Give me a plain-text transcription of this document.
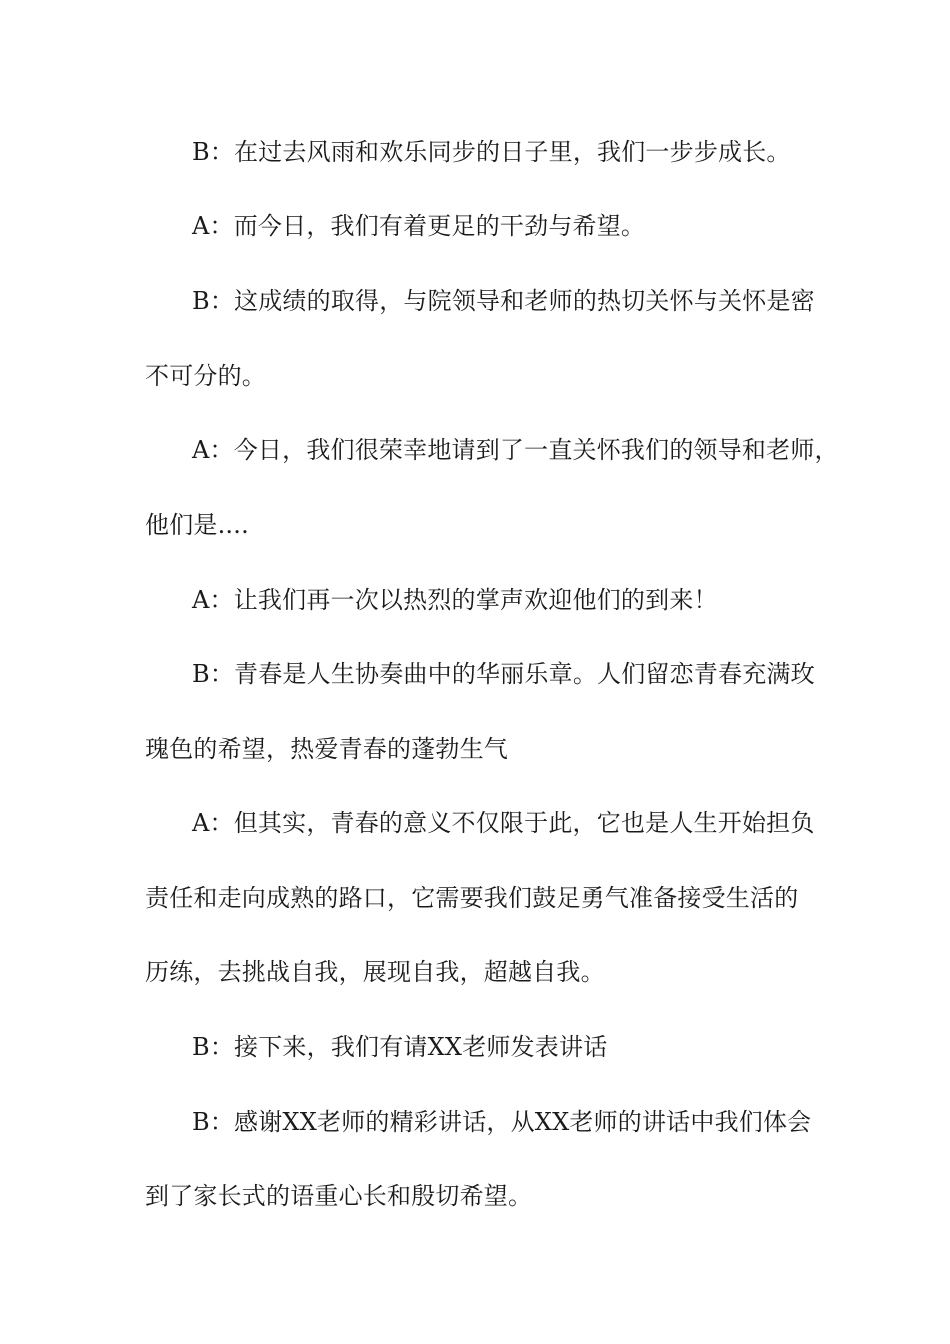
B：在过去风雨和欢乐同步的日子里，我们一步步成长。

A：而今日，我们有着更足的干劲与希望。

B：这成绩的取得，与院领导和老师的热切关怀与关怀是密

不可分的。

A：今日，我们很荣幸地请到了一直关怀我们的领导和老师，

他们是....

A：让我们再一次以热烈的掌声欢迎他们的到来！

B：青春是人生协奏曲中的华丽乐章。人们留恋青春充满玫

瑰色的希望，热爱青春的蓬勃生气

A：但其实，青春的意义不仅限于此，它也是人生开始担负

责任和走向成熟的路口，它需要我们鼓足勇气准备接受生活的

历练，去挑战自我，展现自我，超越自我。

B：接下来，我们有请XX老师发表讲话

B：感谢XX老师的精彩讲话，从XX老师的讲话中我们体会

到了家长式的语重心长和殷切希望。
